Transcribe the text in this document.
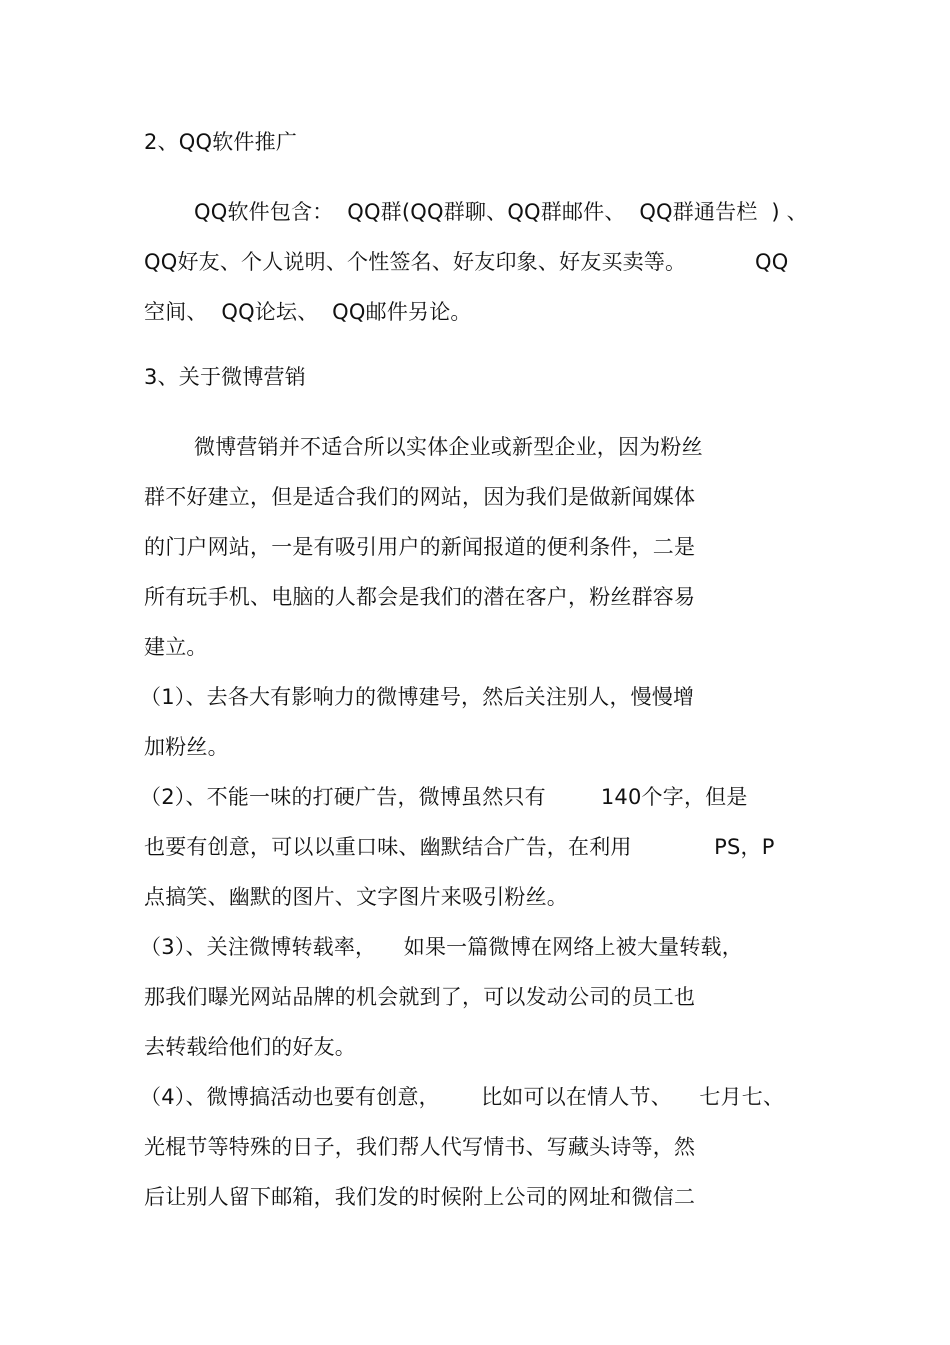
2、QQ软件推广
QQ软件包含：  QQ群(QQ群聊、QQ群邮件、  QQ群通告栏  ) 、
QQ好友、个人说明、个性签名、好友印象、好友买卖等。          QQ
空间、  QQ论坛、  QQ邮件另论。
3、关于微博营销
微博营销并不适合所以实体企业或新型企业，因为粉丝
群不好建立，但是适合我们的网站，因为我们是做新闻媒体
的门户网站，一是有吸引用户的新闻报道的便利条件，二是
所有玩手机、电脑的人都会是我们的潜在客户，粉丝群容易
建立。
（1）、去各大有影响力的微博建号，然后关注别人，慢慢增
加粉丝。
（2）、不能一味的打硬广告，微博虽然只有        140个字，但是
也要有创意，可以以重口味、幽默结合广告，在利用            PS，P
点搞笑、幽默的图片、文字图片来吸引粉丝。
（3）、关注微博转载率，    如果一篇微博在网络上被大量转载，
那我们曝光网站品牌的机会就到了，可以发动公司的员工也
去转载给他们的好友。
（4）、微博搞活动也要有创意，      比如可以在情人节、    七月七、
光棍节等特殊的日子，我们帮人代写情书、写藏头诗等，然
后让别人留下邮箱，我们发的时候附上公司的网址和微信二
